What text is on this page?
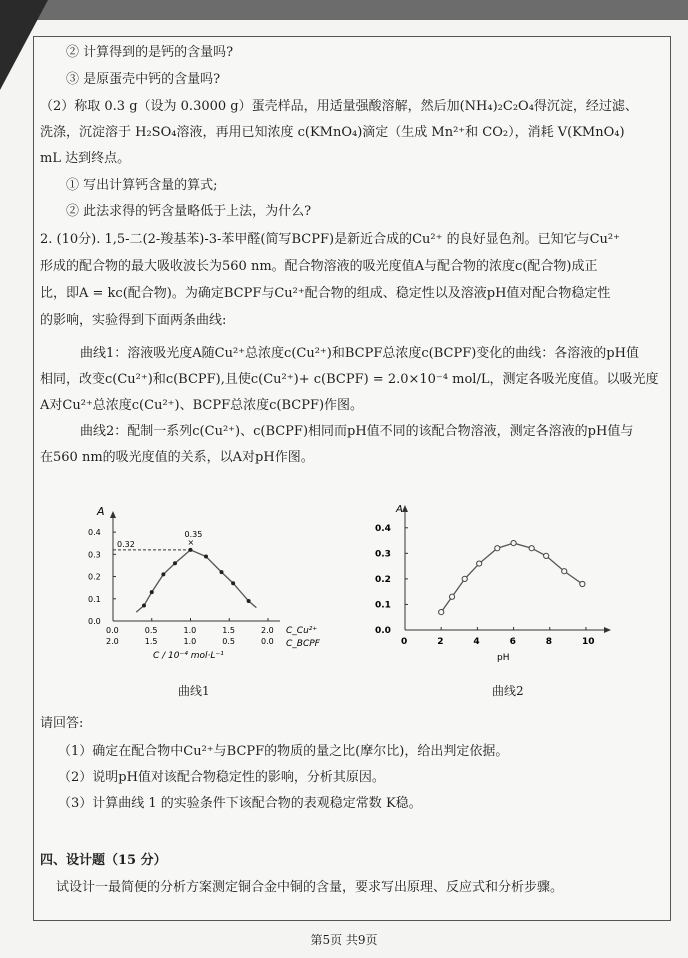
② 计算得到的是钙的含量吗?
③ 是原蛋壳中钙的含量吗?
（2）称取 0.3 g（设为 0.3000 g）蛋壳样品，用适量强酸溶解，然后加(NH₄)₂C₂O₄得沉淀，经过滤、
洗涤，沉淀溶于 H₂SO₄溶液，再用已知浓度 c(KMnO₄)滴定（生成 Mn²⁺和 CO₂），消耗 V(KMnO₄)
mL 达到终点。
① 写出计算钙含量的算式;
② 此法求得的钙含量略低于上法，为什么?
2. (10分). 1,5-二(2-羧基苯)-3-苯甲醛(简写BCPF)是新近合成的Cu²⁺ 的良好显色剂。已知它与Cu²⁺
形成的配合物的最大吸收波长为560 nm。配合物溶液的吸光度值A与配合物的浓度c(配合物)成正
比，即A = kc(配合物)。为确定BCPF与Cu²⁺配合物的组成、稳定性以及溶液pH值对配合物稳定性
的影响，实验得到下面两条曲线:
曲线1：溶液吸光度A随Cu²⁺总浓度c(Cu²⁺)和BCPF总浓度c(BCPF)变化的曲线：各溶液的pH值
相同，改变c(Cu²⁺)和c(BCPF),且使c(Cu²⁺)+ c(BCPF) = 2.0×10⁻⁴ mol/L，测定各吸光度值。以吸光度
A对Cu²⁺总浓度c(Cu²⁺)、BCPF总浓度c(BCPF)作图。
曲线2：配制一系列c(Cu²⁺)、c(BCPF)相同而pH值不同的该配合物溶液，测定各溶液的pH值与
在560 nm的吸光度值的关系，以A对pH作图。
A
0.0
0.1
0.2
0.3
0.4
0.0
2.0
0.5
1.5
1.0
1.0
1.5
0.5
2.0
0.0
C_Cu²⁺
C_BCPF
C / 10⁻⁴ mol·L⁻¹
0.32
0.35
×
曲线1
A
0.0
0.1
0.2
0.3
0.4
0	2	4	6	8	10
pH
曲线2
请回答:
（1）确定在配合物中Cu²⁺与BCPF的物质的量之比(摩尔比)，给出判定依据。
（2）说明pH值对该配合物稳定性的影响，分析其原因。
（3）计算曲线 1 的实验条件下该配合物的表观稳定常数 K稳。
四、设计题（15 分）
试设计一最简便的分析方案测定铜合金中铜的含量，要求写出原理、反应式和分析步骤。
第5页 共9页
